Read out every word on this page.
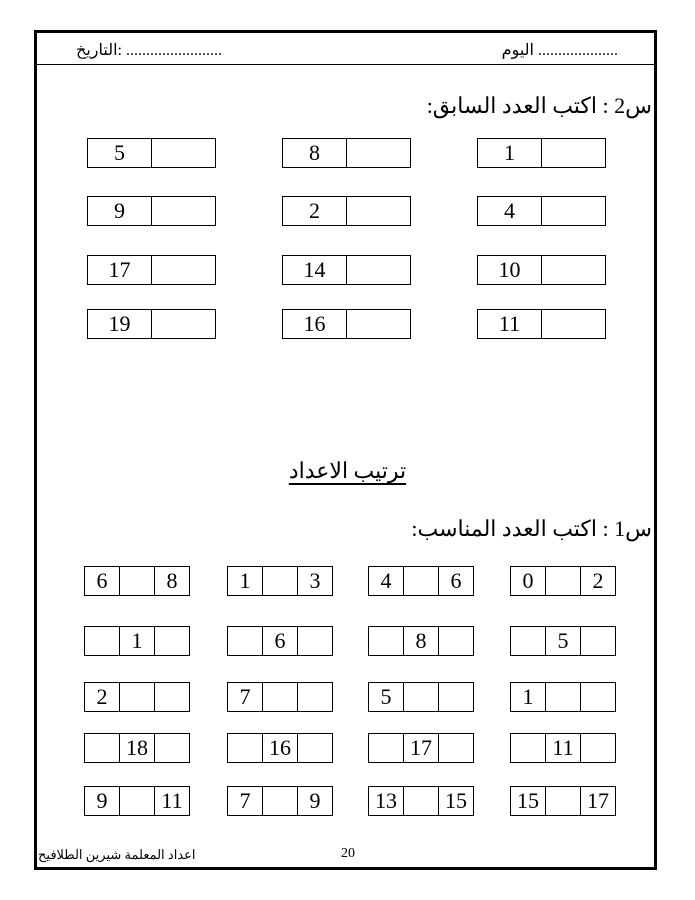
اليوم ....................
التاريخ: ........................
س2 : اكتب العدد السابق:
1
8
5
4
2
9
10
14
17
11
16
19
ترتيب الاعداد
س1 : اكتب العدد المناسب:
2
0
6
4
3
1
8
6
5
8
6
1
1
5
7
2
11
17
16
18
17
15
15
13
9
7
11
9
اعداد المعلمة شيرين الطلافيح	20
